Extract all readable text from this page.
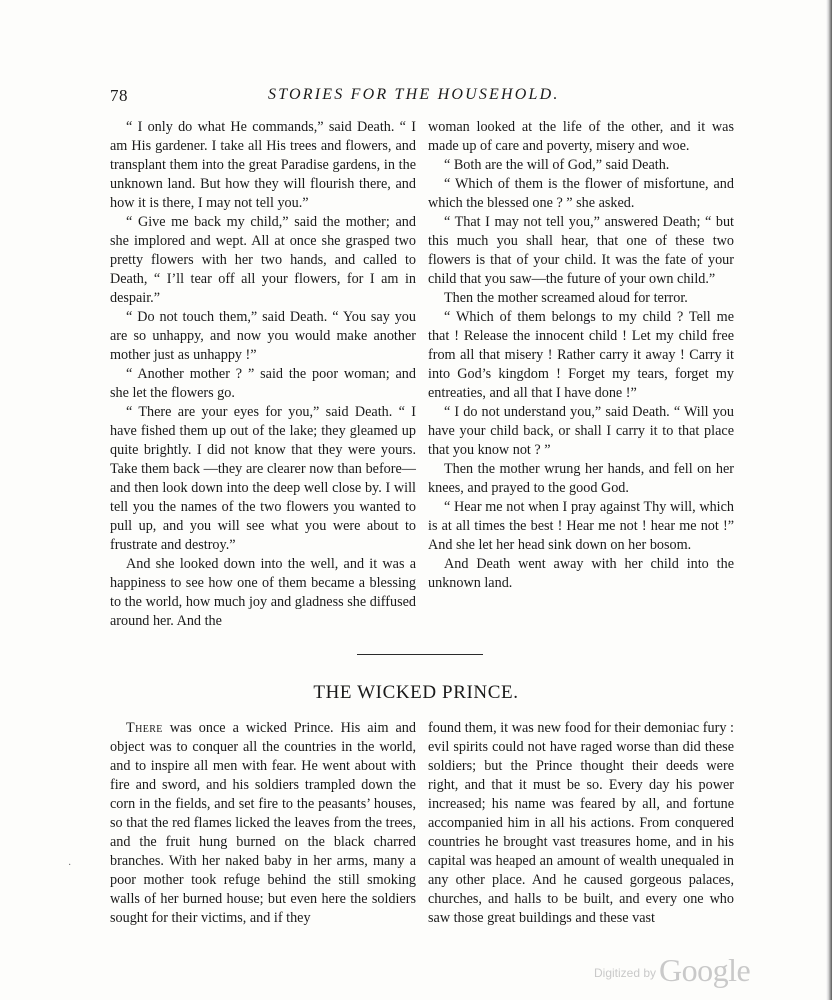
78	STORIES FOR THE HOUSEHOLD.

“ I only do what He commands,” said Death. “ I am His gardener. I take all His trees and flowers, and transplant them into the great Paradise gardens, in the unknown land. But how they will flourish there, and how it is there, I may not tell you.”

“ Give me back my child,” said the mother; and she implored and wept. All at once she grasped two pretty flowers with her two hands, and called to Death, “ I’ll tear off all your flowers, for I am in despair.”

“ Do not touch them,” said Death. “ You say you are so unhappy, and now you would make another mother just as unhappy !”

“ Another mother ? ” said the poor woman; and she let the flowers go.

“ There are your eyes for you,” said Death. “ I have fished them up out of the lake; they gleamed up quite brightly. I did not know that they were yours. Take them back —they are clearer now than before—and then look down into the deep well close by. I will tell you the names of the two flowers you wanted to pull up, and you will see what you were about to frustrate and destroy.”

And she looked down into the well, and it was a happiness to see how one of them became a blessing to the world, how much joy and gladness she diffused around her. And the

woman looked at the life of the other, and it was made up of care and poverty, misery and woe.

“ Both are the will of God,” said Death.

“ Which of them is the flower of misfortune, and which the blessed one ? ” she asked.

“ That I may not tell you,” answered Death; “ but this much you shall hear, that one of these two flowers is that of your child. It was the fate of your child that you saw—the future of your own child.”

Then the mother screamed aloud for terror.

“ Which of them belongs to my child ? Tell me that ! Release the innocent child ! Let my child free from all that misery ! Rather carry it away ! Carry it into God’s kingdom ! Forget my tears, forget my entreaties, and all that I have done !”

“ I do not understand you,” said Death. “ Will you have your child back, or shall I carry it to that place that you know not ? ”

Then the mother wrung her hands, and fell on her knees, and prayed to the good God.

“ Hear me not when I pray against Thy will, which is at all times the best ! Hear me not ! hear me not !” And she let her head sink down on her bosom.

And Death went away with her child into the unknown land.

THE WICKED PRINCE.

There was once a wicked Prince. His aim and object was to conquer all the countries in the world, and to inspire all men with fear. He went about with fire and sword, and his soldiers trampled down the corn in the fields, and set fire to the peasants’ houses, so that the red flames licked the leaves from the trees, and the fruit hung burned on the black charred branches. With her naked baby in her arms, many a poor mother took refuge behind the still smoking walls of her burned house; but even here the soldiers sought for their victims, and if they

found them, it was new food for their demoniac fury : evil spirits could not have raged worse than did these soldiers; but the Prince thought their deeds were right, and that it must be so. Every day his power increased; his name was feared by all, and fortune accompanied him in all his actions. From conquered countries he brought vast treasures home, and in his capital was heaped an amount of wealth unequaled in any other place. And he caused gorgeous palaces, churches, and halls to be built, and every one who saw those great buildings and these vast

·
$^{Digitized by}$Google
